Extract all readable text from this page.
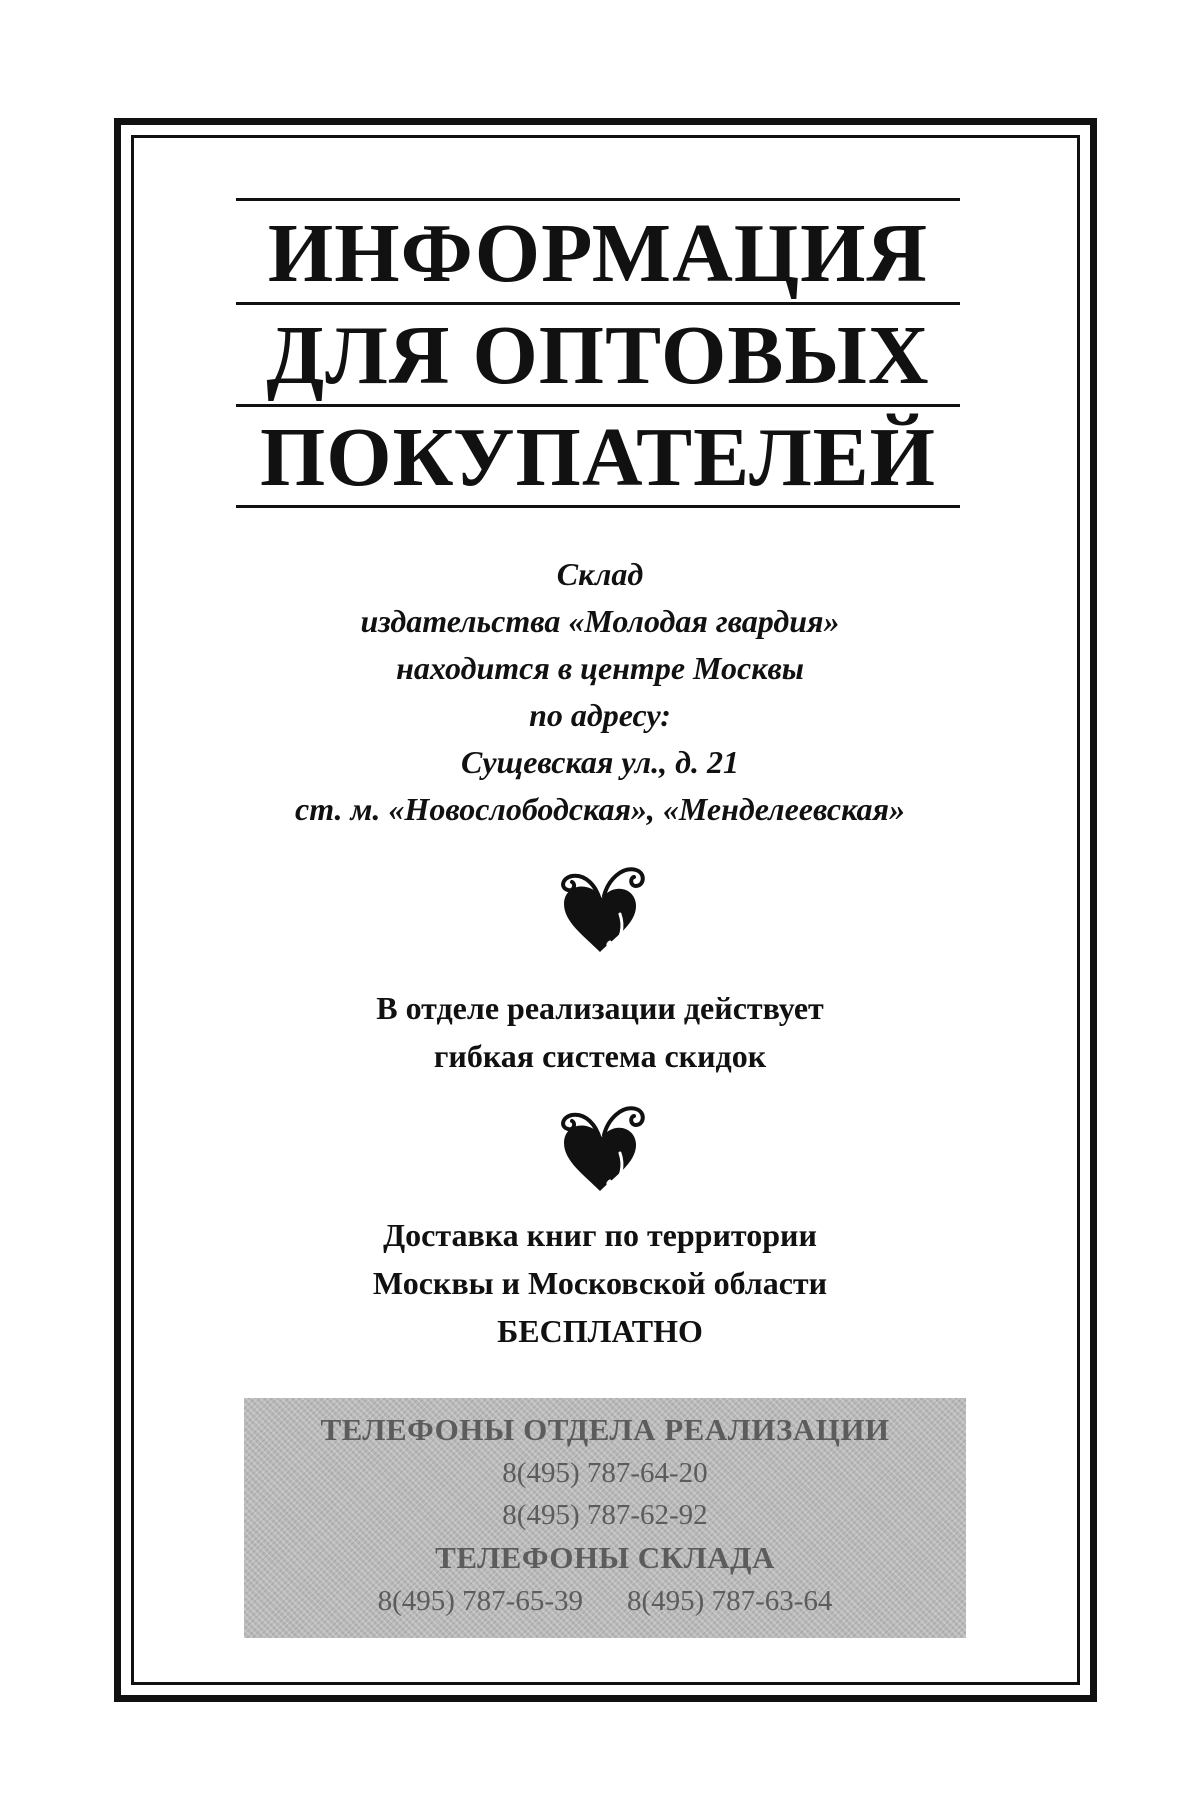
ИНФОРМАЦИЯ
ДЛЯ ОПТОВЫХ
ПОКУПАТЕЛЕЙ
Склад
издательства «Молодая гвардия»
находится в центре Москвы
по адресу:
Сущевская ул., д. 21
ст. м. «Новослободская», «Менделеевская»
В отделе реализации действует
гибкая система скидок
Доставка книг по территории
Москвы и Московской области
БЕСПЛАТНО
ТЕЛЕФОНЫ ОТДЕЛА РЕАЛИЗАЦИИ
8(495) 787-64-20
8(495) 787-62-92
ТЕЛЕФОНЫ СКЛАДА
8(495) 787-65-39 8(495) 787-63-64
